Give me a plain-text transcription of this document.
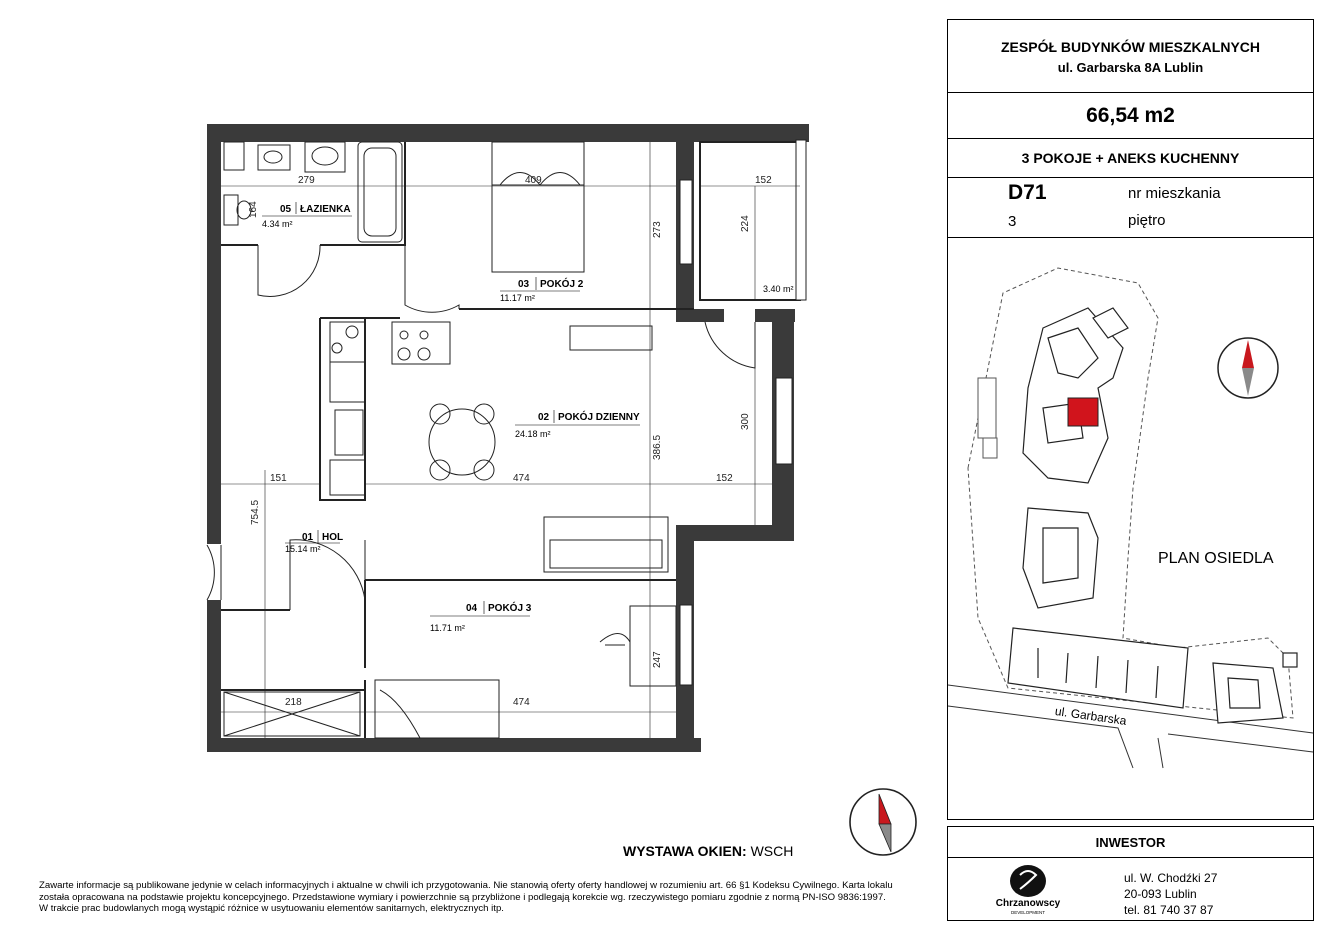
ZESPÓŁ BUDYNKÓW MIESZKALNYCH
ul. Garbarska 8A Lublin
66,54 m2
3 POKOJE + ANEKS KUCHENNY
D71	nr mieszkania
3	piętro
PLAN OSIEDLA
ul. Garbarska
INWESTOR
Chrzanowscy
DEVELOPMENT
ul. W. Chodźki 27
20-093 Lublin
tel. 81 740 37 87
279	409	152
151	474	152
218	474
224
164
273
300
386.5
754.5
247
05 ŁAZIENKA
4.34 m²
03 POKÓJ 2
11.17 m²
02 POKÓJ DZIENNY
24.18 m²
01 HOL
15.14 m²
04 POKÓJ 3
11.71 m²
3.40 m²
WYSTAWA OKIEN: WSCH
Zawarte informacje są publikowane jedynie w celach informacyjnych i aktualne w chwili ich przygotowania. Nie stanowią oferty oferty handlowej w rozumieniu art. 66 §1 Kodeksu Cywilnego. Karta lokalu
została opracowana na podstawie projektu koncepcyjnego. Przedstawione wymiary i powierzchnie są przybliżone i podlegają korekcie wg. rzeczywistego pomiaru zgodnie z normą PN-ISO 9836:1997.
W trakcie prac budowlanych mogą wystąpić różnice w usytuowaniu elementów sanitarnych, elektrycznych itp.
